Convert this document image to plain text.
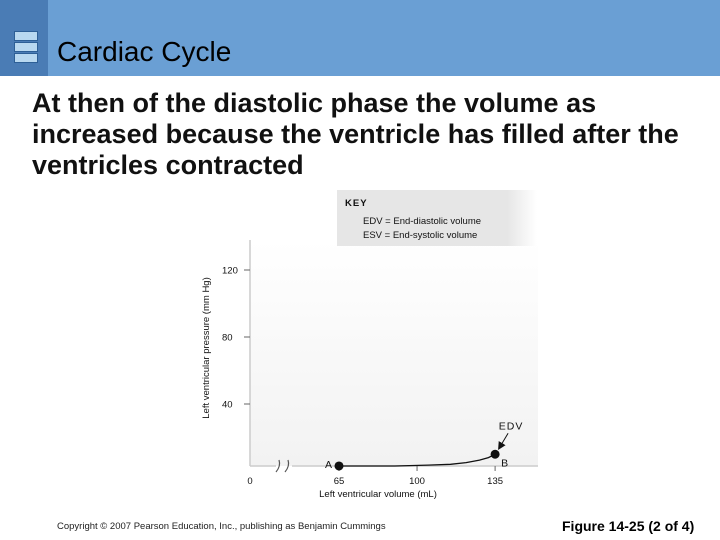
Cardiac Cycle
At then of the diastolic phase the volume as increased because the ventricle has filled after the ventricles contracted
KEY
EDV = End-diastolic volume
ESV = End-systolic volume
40
80
120
0	65	100	135
Left ventricular volume (mL)
Left ventricular pressure (mm Hg)
A	B
EDV
Copyright © 2007 Pearson Education, Inc., publishing as Benjamin Cummings	Figure 14-25 (2 of 4)
